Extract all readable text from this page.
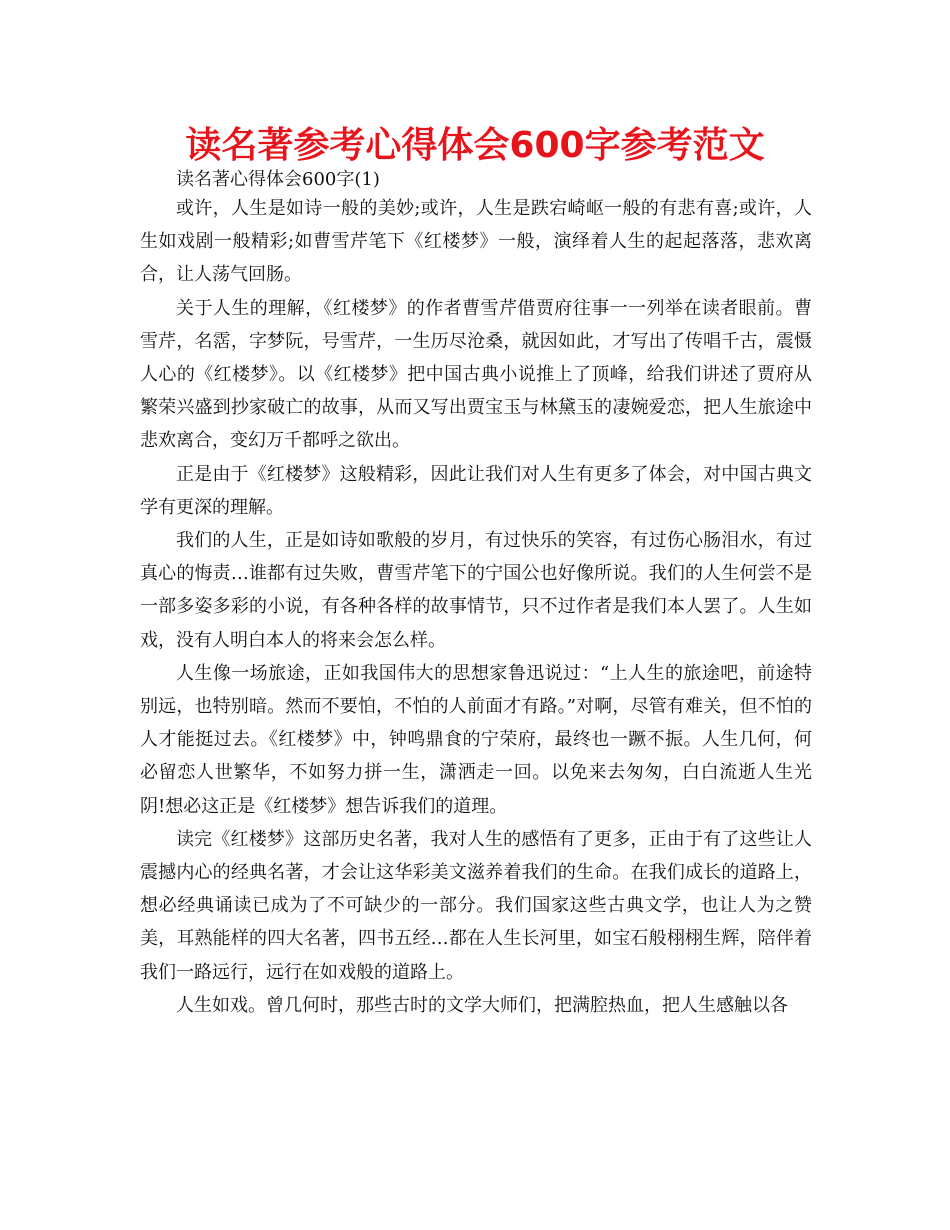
读名著参考心得体会600字参考范文

读名著心得体会600字(1)

或许，人生是如诗一般的美妙;或许，人生是跌宕崎岖一般的有悲有喜;或许，人生如戏剧一般精彩;如曹雪芹笔下《红楼梦》一般，演绎着人生的起起落落，悲欢离合，让人荡气回肠。

关于人生的理解，《红楼梦》的作者曹雪芹借贾府往事一一列举在读者眼前。曹雪芹，名霑，字梦阮，号雪芹，一生历尽沧桑，就因如此，才写出了传唱千古，震慑人心的《红楼梦》。以《红楼梦》把中国古典小说推上了顶峰，给我们讲述了贾府从繁荣兴盛到抄家破亡的故事，从而又写出贾宝玉与林黛玉的凄婉爱恋，把人生旅途中悲欢离合，变幻万千都呼之欲出。

正是由于《红楼梦》这般精彩，因此让我们对人生有更多了体会，对中国古典文学有更深的理解。

我们的人生，正是如诗如歌般的岁月，有过快乐的笑容，有过伤心肠泪水，有过真心的悔责…谁都有过失败，曹雪芹笔下的宁国公也好像所说。我们的人生何尝不是一部多姿多彩的小说，有各种各样的故事情节，只不过作者是我们本人罢了。人生如戏，没有人明白本人的将来会怎么样。

人生像一场旅途，正如我国伟大的思想家鲁迅说过：“上人生的旅途吧，前途特别远，也特别暗。然而不要怕，不怕的人前面才有路。”对啊，尽管有难关，但不怕的人才能挺过去。《红楼梦》中，钟鸣鼎食的宁荣府，最终也一蹶不振。人生几何，何必留恋人世繁华，不如努力拼一生，潇洒走一回。以免来去匆匆，白白流逝人生光阴!想必这正是《红楼梦》想告诉我们的道理。

读完《红楼梦》这部历史名著，我对人生的感悟有了更多，正由于有了这些让人震撼内心的经典名著，才会让这华彩美文滋养着我们的生命。在我们成长的道路上，想必经典诵读已成为了不可缺少的一部分。我们国家这些古典文学，也让人为之赞美，耳熟能样的四大名著，四书五经…都在人生长河里，如宝石般栩栩生辉，陪伴着我们一路远行，远行在如戏般的道路上。

人生如戏。曾几何时，那些古时的文学大师们，把满腔热血，把人生感触以各
